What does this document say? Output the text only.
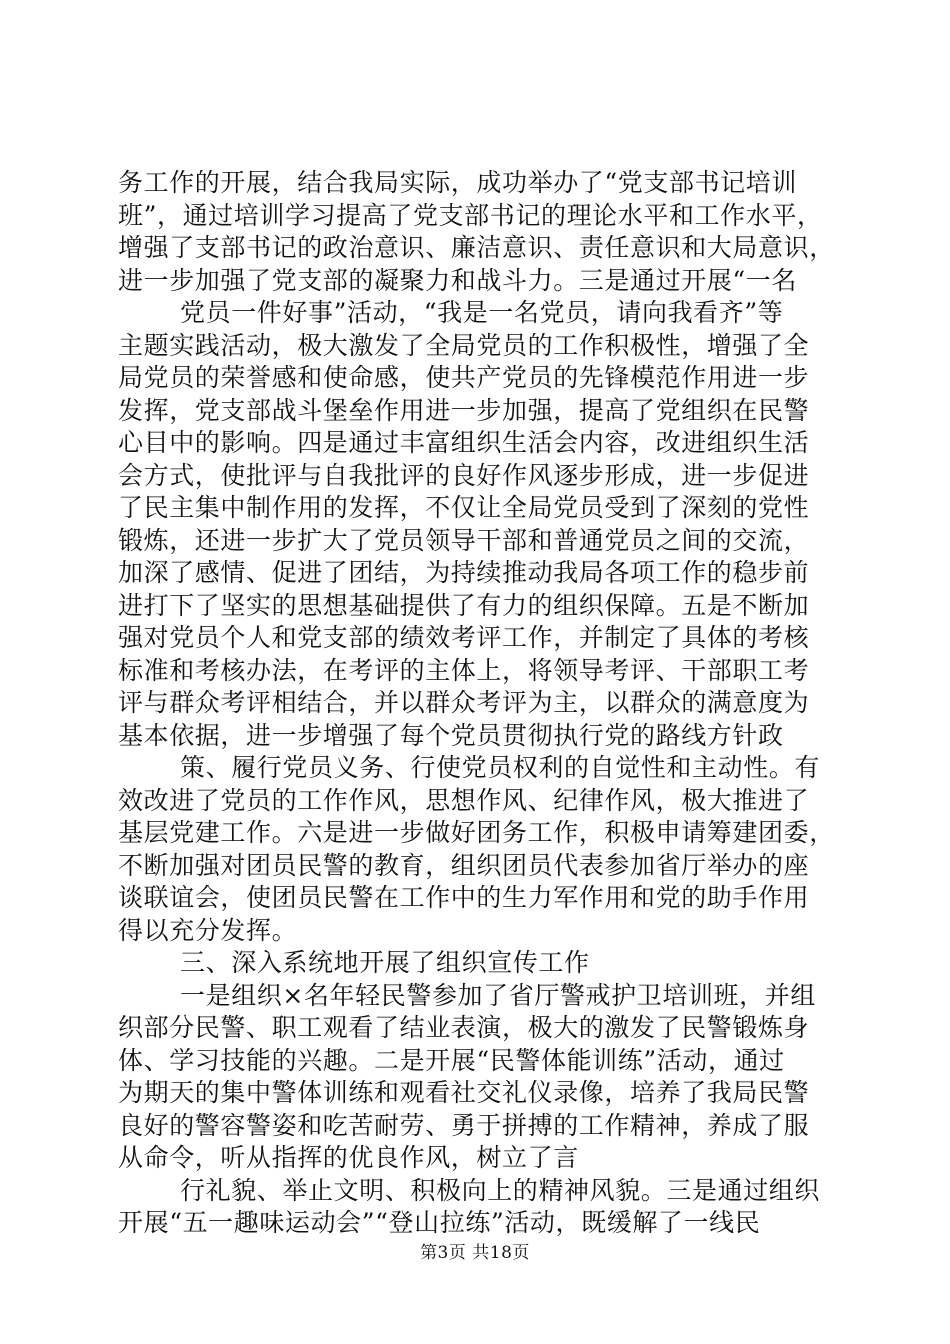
务工作的开展，结合我局实际，成功举办了“党支部书记培训
班”，通过培训学习提高了党支部书记的理论水平和工作水平，
增强了支部书记的政治意识、廉洁意识、责任意识和大局意识，
进一步加强了党支部的凝聚力和战斗力。三是通过开展“一名
党员一件好事”活动，“我是一名党员，请向我看齐”等
主题实践活动，极大激发了全局党员的工作积极性，增强了全
局党员的荣誉感和使命感，使共产党员的先锋模范作用进一步
发挥，党支部战斗堡垒作用进一步加强，提高了党组织在民警
心目中的影响。四是通过丰富组织生活会内容，改进组织生活
会方式，使批评与自我批评的良好作风逐步形成，进一步促进
了民主集中制作用的发挥，不仅让全局党员受到了深刻的党性
锻炼，还进一步扩大了党员领导干部和普通党员之间的交流，
加深了感情、促进了团结，为持续推动我局各项工作的稳步前
进打下了坚实的思想基础提供了有力的组织保障。五是不断加
强对党员个人和党支部的绩效考评工作，并制定了具体的考核
标准和考核办法，在考评的主体上，将领导考评、干部职工考
评与群众考评相结合，并以群众考评为主，以群众的满意度为
基本依据，进一步增强了每个党员贯彻执行党的路线方针政
策、履行党员义务、行使党员权利的自觉性和主动性。有
效改进了党员的工作作风，思想作风、纪律作风，极大推进了
基层党建工作。六是进一步做好团务工作，积极申请筹建团委，
不断加强对团员民警的教育，组织团员代表参加省厅举办的座
谈联谊会，使团员民警在工作中的生力军作用和党的助手作用
得以充分发挥。
三、深入系统地开展了组织宣传工作
一是组织×名年轻民警参加了省厅警戒护卫培训班，并组
织部分民警、职工观看了结业表演，极大的激发了民警锻炼身
体、学习技能的兴趣。二是开展“民警体能训练”活动，通过
为期天的集中警体训练和观看社交礼仪录像，培养了我局民警
良好的警容警姿和吃苦耐劳、勇于拼搏的工作精神，养成了服
从命令，听从指挥的优良作风，树立了言
行礼貌、举止文明、积极向上的精神风貌。三是通过组织
开展“五一趣味运动会”“登山拉练”活动，既缓解了一线民
第3页 共18页
